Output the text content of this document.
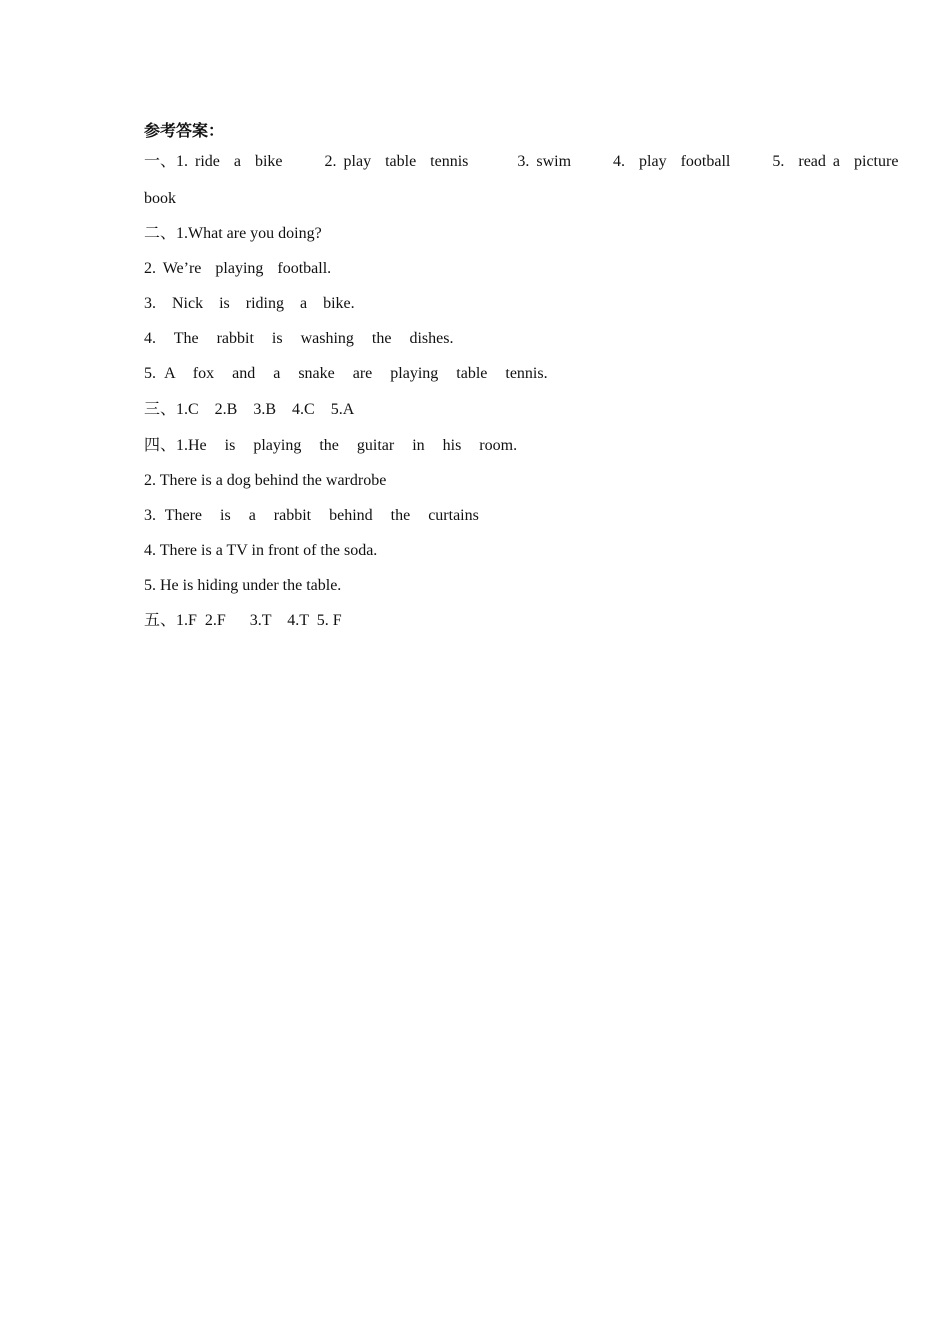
参考答案：
一、1. ride  a  bike      2. play  table  tennis       3. swim      4.  play  football      5.  read a  picture
book
二、1.What are you doing?
2. We’re  playing  football.
3.  Nick  is  riding  a  bike.
4.  The  rabbit  is  washing  the  dishes.
5. A  fox  and  a  snake  are  playing  table  tennis.
三、1.C    2.B    3.B    4.C    5.A
四、1.He  is  playing  the  guitar  in  his  room.
2. There is a dog behind the wardrobe
3. There  is  a  rabbit  behind  the  curtains
4. There is a TV in front of the soda.
5. He is hiding under the table.
五、1.F  2.F      3.T    4.T  5. F
